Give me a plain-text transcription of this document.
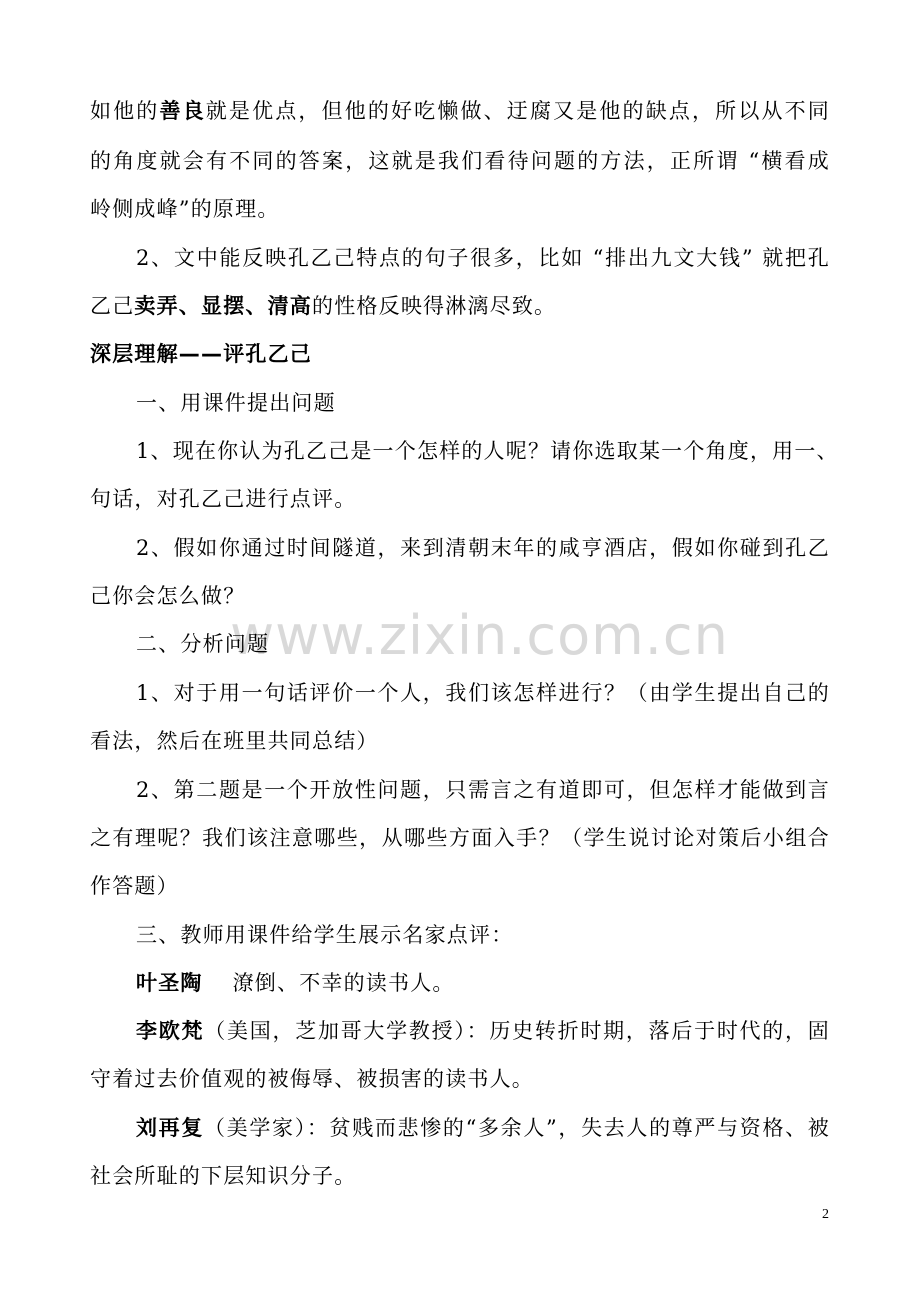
如他的善良就是优点，但他的好吃懒做、迂腐又是他的缺点，所以从不同
的角度就会有不同的答案，这就是我们看待问题的方法，正所谓 “横看成
岭侧成峰”的原理。
2、文中能反映孔乙己特点的句子很多，比如 “排出九文大钱” 就把孔
乙己卖弄、显摆、清高的性格反映得淋漓尽致。
深层理解——评孔乙己
一、用课件提出问题
1、现在你认为孔乙己是一个怎样的人呢？请你选取某一个角度，用一、
句话，对孔乙己进行点评。
2、假如你通过时间隧道，来到清朝末年的咸亨酒店，假如你碰到孔乙
己你会怎么做？
www.zixin.com.cn
二、分析问题
1、对于用一句话评价一个人，我们该怎样进行？（由学生提出自己的
看法，然后在班里共同总结）
2、第二题是一个开放性问题，只需言之有道即可，但怎样才能做到言
之有理呢？我们该注意哪些，从哪些方面入手？（学生说讨论对策后小组合
作答题）
三、教师用课件给学生展示名家点评：
叶圣陶 潦倒、不幸的读书人。
李欧梵（美国，芝加哥大学教授）：历史转折时期，落后于时代的，固
守着过去价值观的被侮辱、被损害的读书人。
刘再复（美学家）：贫贱而悲惨的“多余人”，失去人的尊严与资格、被
社会所耻的下层知识分子。
2
